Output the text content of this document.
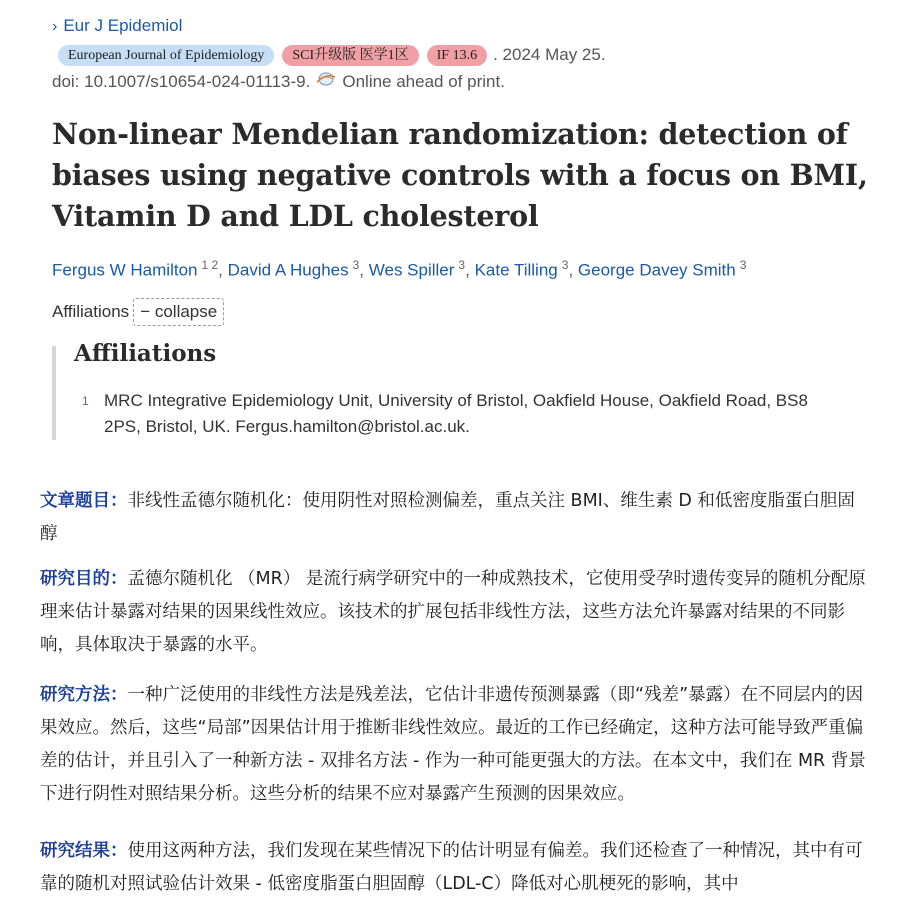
› Eur J Epidemiol
European Journal of Epidemiology	SCI升级版 医学1区	IF 13.6 . 2024 May 25.
doi: 10.1007/s10654-024-01113-9. Online ahead of print.
Non-linear Mendelian randomization: detection of biases using negative controls with a focus on BMI, Vitamin D and LDL cholesterol
Fergus W Hamilton $^{1 2}$, David A Hughes $^3$, Wes Spiller $^3$, Kate Tilling $^3$, George Davey Smith $^3$
Affiliations − collapse
Affiliations
1 MRC Integrative Epidemiology Unit, University of Bristol, Oakfield House, Oakfield Road, BS8 2PS, Bristol, UK. Fergus.hamilton@bristol.ac.uk.

文章题目：非线性孟德尔随机化：使用阴性对照检测偏差，重点关注 BMI、维生素 D 和低密度脂蛋白胆固醇

研究目的：孟德尔随机化 （MR） 是流行病学研究中的一种成熟技术，它使用受孕时遗传变异的随机分配原理来估计暴露对结果的因果线性效应。该技术的扩展包括非线性方法，这些方法允许暴露对结果的不同影响，具体取决于暴露的水平。

研究方法：一种广泛使用的非线性方法是残差法，它估计非遗传预测暴露（即“残差”暴露）在不同层内的因果效应。然后，这些“局部”因果估计用于推断非线性效应。最近的工作已经确定，这种方法可能导致严重偏差的估计，并且引入了一种新方法 - 双排名方法 - 作为一种可能更强大的方法。在本文中，我们在 MR 背景下进行阴性对照结果分析。这些分析的结果不应对暴露产生预测的因果效应。

研究结果：使用这两种方法，我们发现在某些情况下的估计明显有偏差。我们还检查了一种情况，其中有可靠的随机对照试验估计效果 - 低密度脂蛋白胆固醇（LDL-C）降低对心肌梗死的影响，其中
